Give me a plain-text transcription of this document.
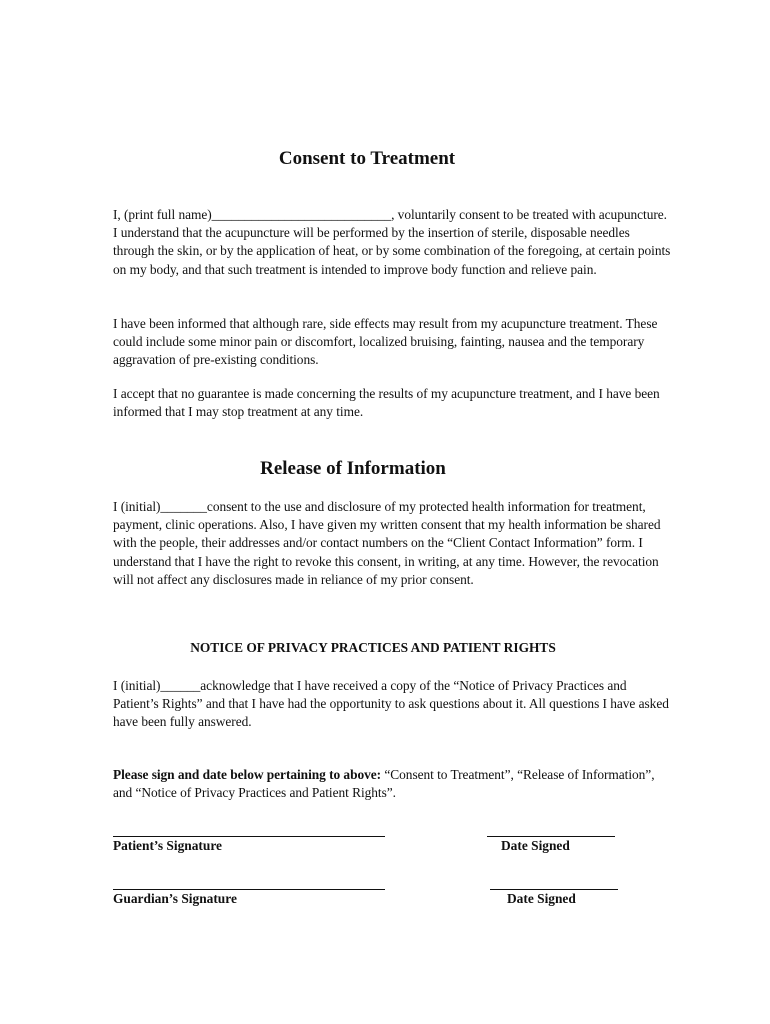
Consent to Treatment

I, (print full name)___________________________, voluntarily consent to be treated with acupuncture. I understand that the acupuncture will be performed by the insertion of sterile, disposable needles through the skin, or by the application of heat, or by some combination of the foregoing, at certain points on my body, and that such treatment is intended to improve body function and relieve pain.

I have been informed that although rare, side effects may result from my acupuncture treatment. These could include some minor pain or discomfort, localized bruising, fainting, nausea and the temporary aggravation of pre-existing conditions.

I accept that no guarantee is made concerning the results of my acupuncture treatment, and I have been informed that I may stop treatment at any time.

Release of Information

I (initial)_______consent to the use and disclosure of my protected health information for treatment, payment, clinic operations. Also, I have given my written consent that my health information be shared with the people, their addresses and/or contact numbers on the “Client Contact Information” form. I understand that I have the right to revoke this consent, in writing, at any time. However, the revocation will not affect any disclosures made in reliance of my prior consent.

NOTICE OF PRIVACY PRACTICES AND PATIENT RIGHTS

I (initial)______acknowledge that I have received a copy of the “Notice of Privacy Practices and Patient’s Rights” and that I have had the opportunity to ask questions about it. All questions I have asked have been fully answered.

Please sign and date below pertaining to above: “Consent to Treatment”, “Release of Information”, and “Notice of Privacy Practices and Patient Rights”.

Patient’s Signature	Date Signed

Guardian’s Signature	Date Signed
